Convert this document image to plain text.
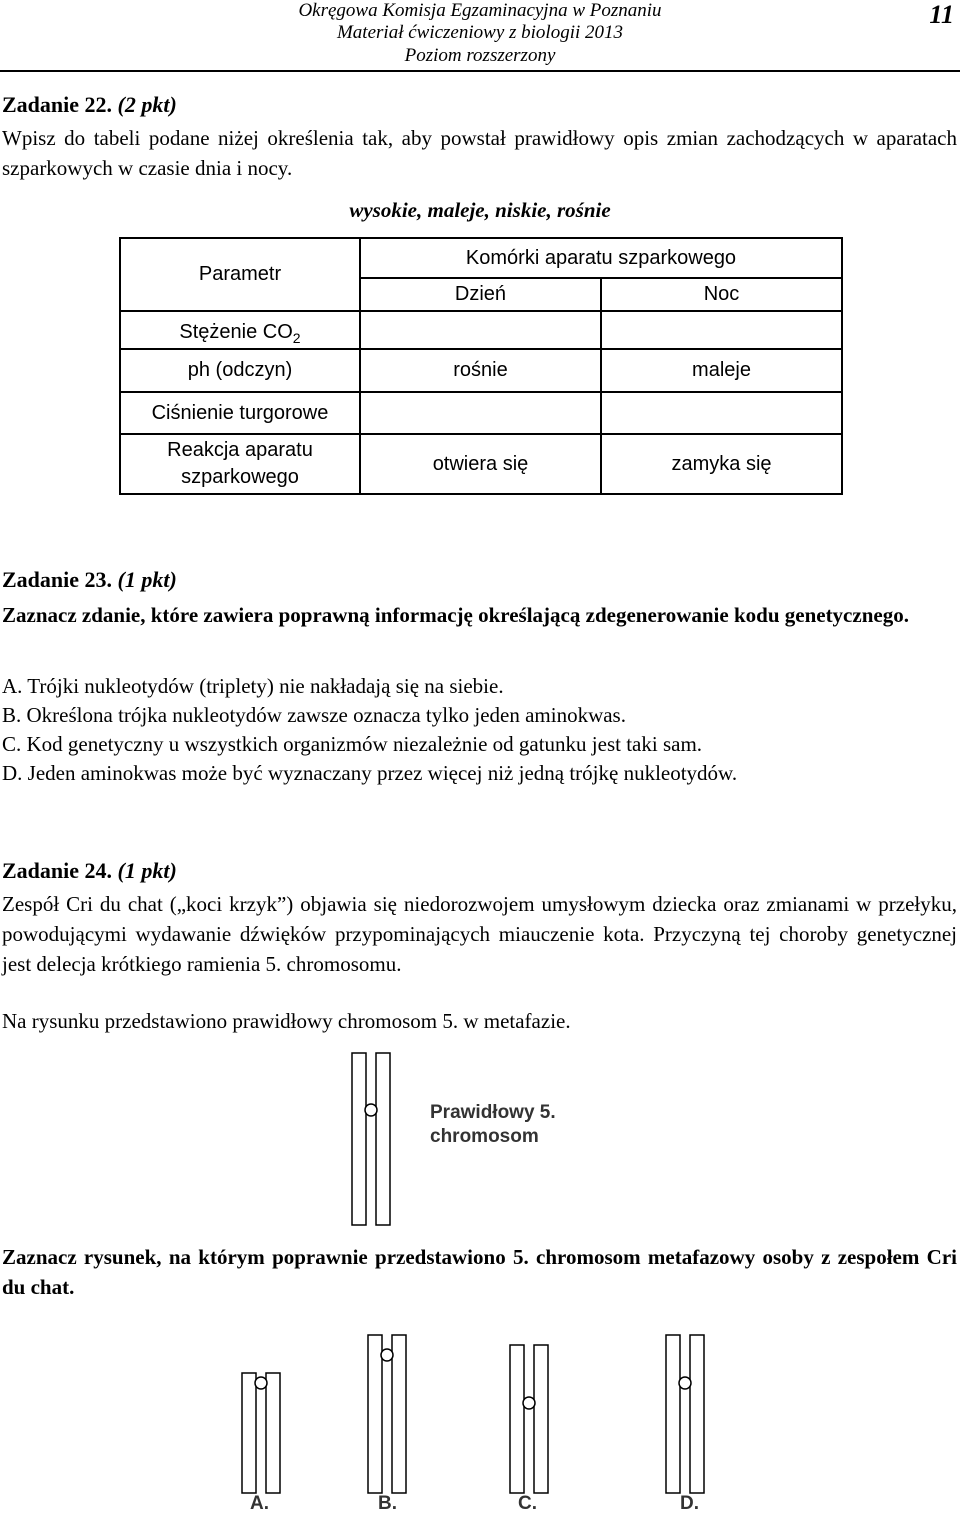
Okręgowa Komisja Egzaminacyjna w Poznaniu
Materiał ćwiczeniowy z biologii 2013
Poziom rozszerzony
11
Zadanie 22. (2 pkt)
Wpisz do tabeli podane niżej określenia tak, aby powstał prawidłowy opis zmian zachodzących w aparatach szparkowych w czasie dnia i nocy.
wysokie, maleje, niskie, rośnie
Parametr	Komórki aparatu szparkowego	
	Dzień	Noc
Stężenie $CO_2$		
ph (odczyn)	rośnie	maleje
Ciśnienie turgorowe		

Reakcja aparatu
szparkowego	otwiera się	zamyka się
Zadanie 23. (1 pkt)
Zaznacz zdanie, które zawiera poprawną informację określającą zdegenerowanie kodu genetycznego.
A. Trójki nukleotydów (triplety) nie nakładają się na siebie.
B. Określona trójka nukleotydów zawsze oznacza tylko jeden aminokwas.
C. Kod genetyczny u wszystkich organizmów niezależnie od gatunku jest taki sam.
D. Jeden aminokwas może być wyznaczany przez więcej niż jedną trójkę nukleotydów.
Zadanie 24. (1 pkt)
Zespół Cri du chat („koci krzyk”) objawia się niedorozwojem umysłowym dziecka oraz zmianami w przełyku, powodującymi wydawanie dźwięków przypominających miauczenie kota. Przyczyną tej choroby genetycznej jest delecja krótkiego ramienia 5. chromosomu.
Na rysunku przedstawiono prawidłowy chromosom 5. w metafazie.
Prawidłowy 5.
chromosom
Zaznacz rysunek, na którym poprawnie przedstawiono 5. chromosom metafazowy osoby z zespołem Cri du chat.
A.	B.	C.	D.
